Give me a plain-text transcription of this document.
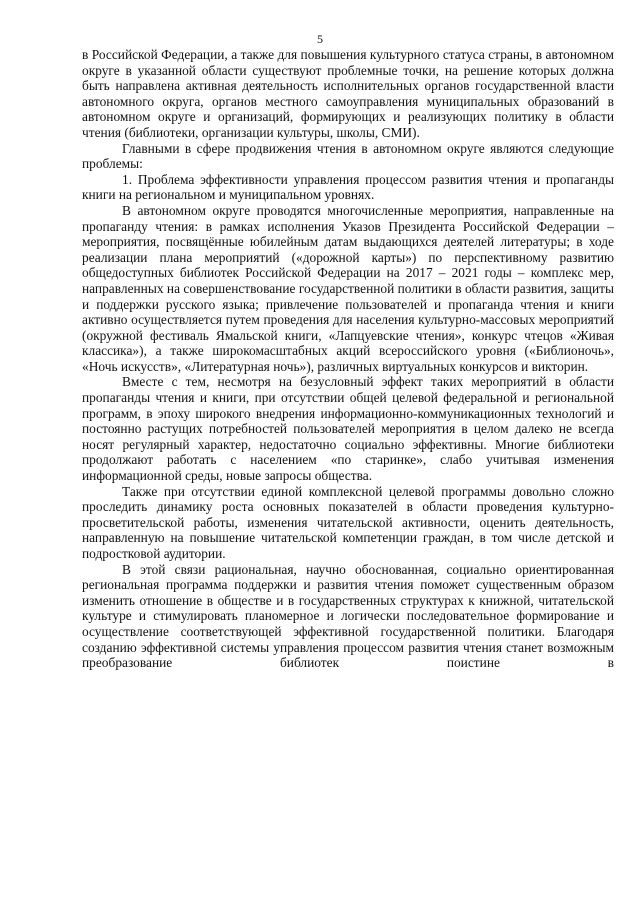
5

в Российской Федерации, а также для повышения культурного статуса страны, в автономном округе в указанной области существуют проблемные точки, на решение которых должна быть направлена активная деятельность исполнительных органов государственной власти автономного округа, органов местного самоуправления муниципальных образований в автономном округе и организаций, формирующих и реализующих политику в области чтения (библиотеки, организации культуры, школы, СМИ).

Главными в сфере продвижения чтения в автономном округе являются следующие проблемы:

1. Проблема эффективности управления процессом развития чтения и пропаганды книги на региональном и муниципальном уровнях.

В автономном округе проводятся многочисленные мероприятия, направленные на пропаганду чтения: в рамках исполнения Указов Президента Российской Федерации – мероприятия, посвящённые юбилейным датам выдающихся деятелей литературы; в ходе реализации плана мероприятий («дорожной карты») по перспективному развитию общедоступных библиотек Российской Федерации на 2017 – 2021 годы – комплекс мер, направленных на совершенствование государственной политики в области развития, защиты и поддержки русского языка; привлечение пользователей и пропаганда чтения и книги активно осуществляется путем проведения для населения культурно-массовых мероприятий (окружной фестиваль Ямальской книги, «Лапцуевские чтения», конкурс чтецов «Живая классика»), а также широкомасштабных акций всероссийского уровня («Библионочь», «Ночь искусств», «Литературная ночь»), различных виртуальных конкурсов и викторин.

Вместе с тем, несмотря на безусловный эффект таких мероприятий в области пропаганды чтения и книги, при отсутствии общей целевой федеральной и региональной программ, в эпоху широкого внедрения информационно-коммуникационных технологий и постоянно растущих потребностей пользователей мероприятия в целом далеко не всегда носят регулярный характер, недостаточно социально эффективны. Многие библиотеки продолжают работать с населением «по старинке», слабо учитывая изменения информационной среды, новые запросы общества.

Также при отсутствии единой комплексной целевой программы довольно сложно проследить динамику роста основных показателей в области проведения культурно-просветительской работы, изменения читательской активности, оценить деятельность, направленную на повышение читательской компетенции граждан, в том числе детской и подростковой аудитории.

В этой связи рациональная, научно обоснованная, социально ориентированная региональная программа поддержки и развития чтения поможет существенным образом изменить отношение в обществе и в государственных структурах к книжной, читательской культуре и стимулировать планомерное и логически последовательное формирование и осуществление соответствующей эффективной государственной политики. Благодаря созданию эффективной системы управления процессом развития чтения станет возможным преобразование библиотек поистине в
